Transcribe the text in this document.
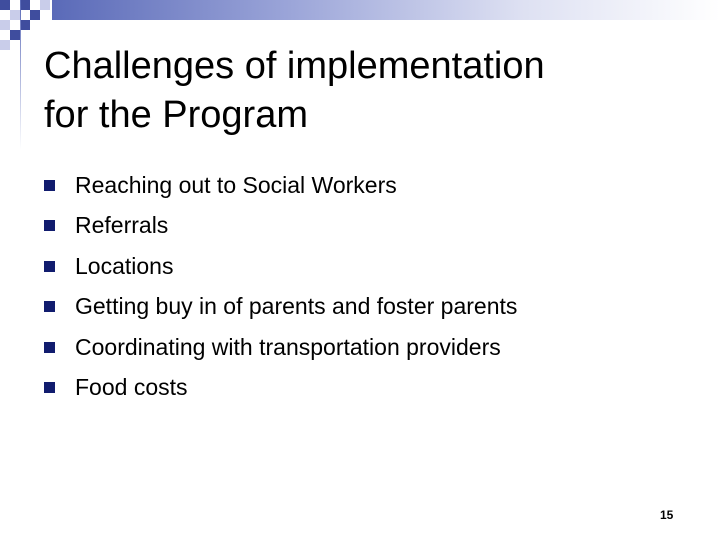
Challenges of implementation
for the Program
Reaching out to Social Workers
Referrals
Locations
Getting buy in of parents and foster parents
Coordinating with transportation providers
Food costs
15
